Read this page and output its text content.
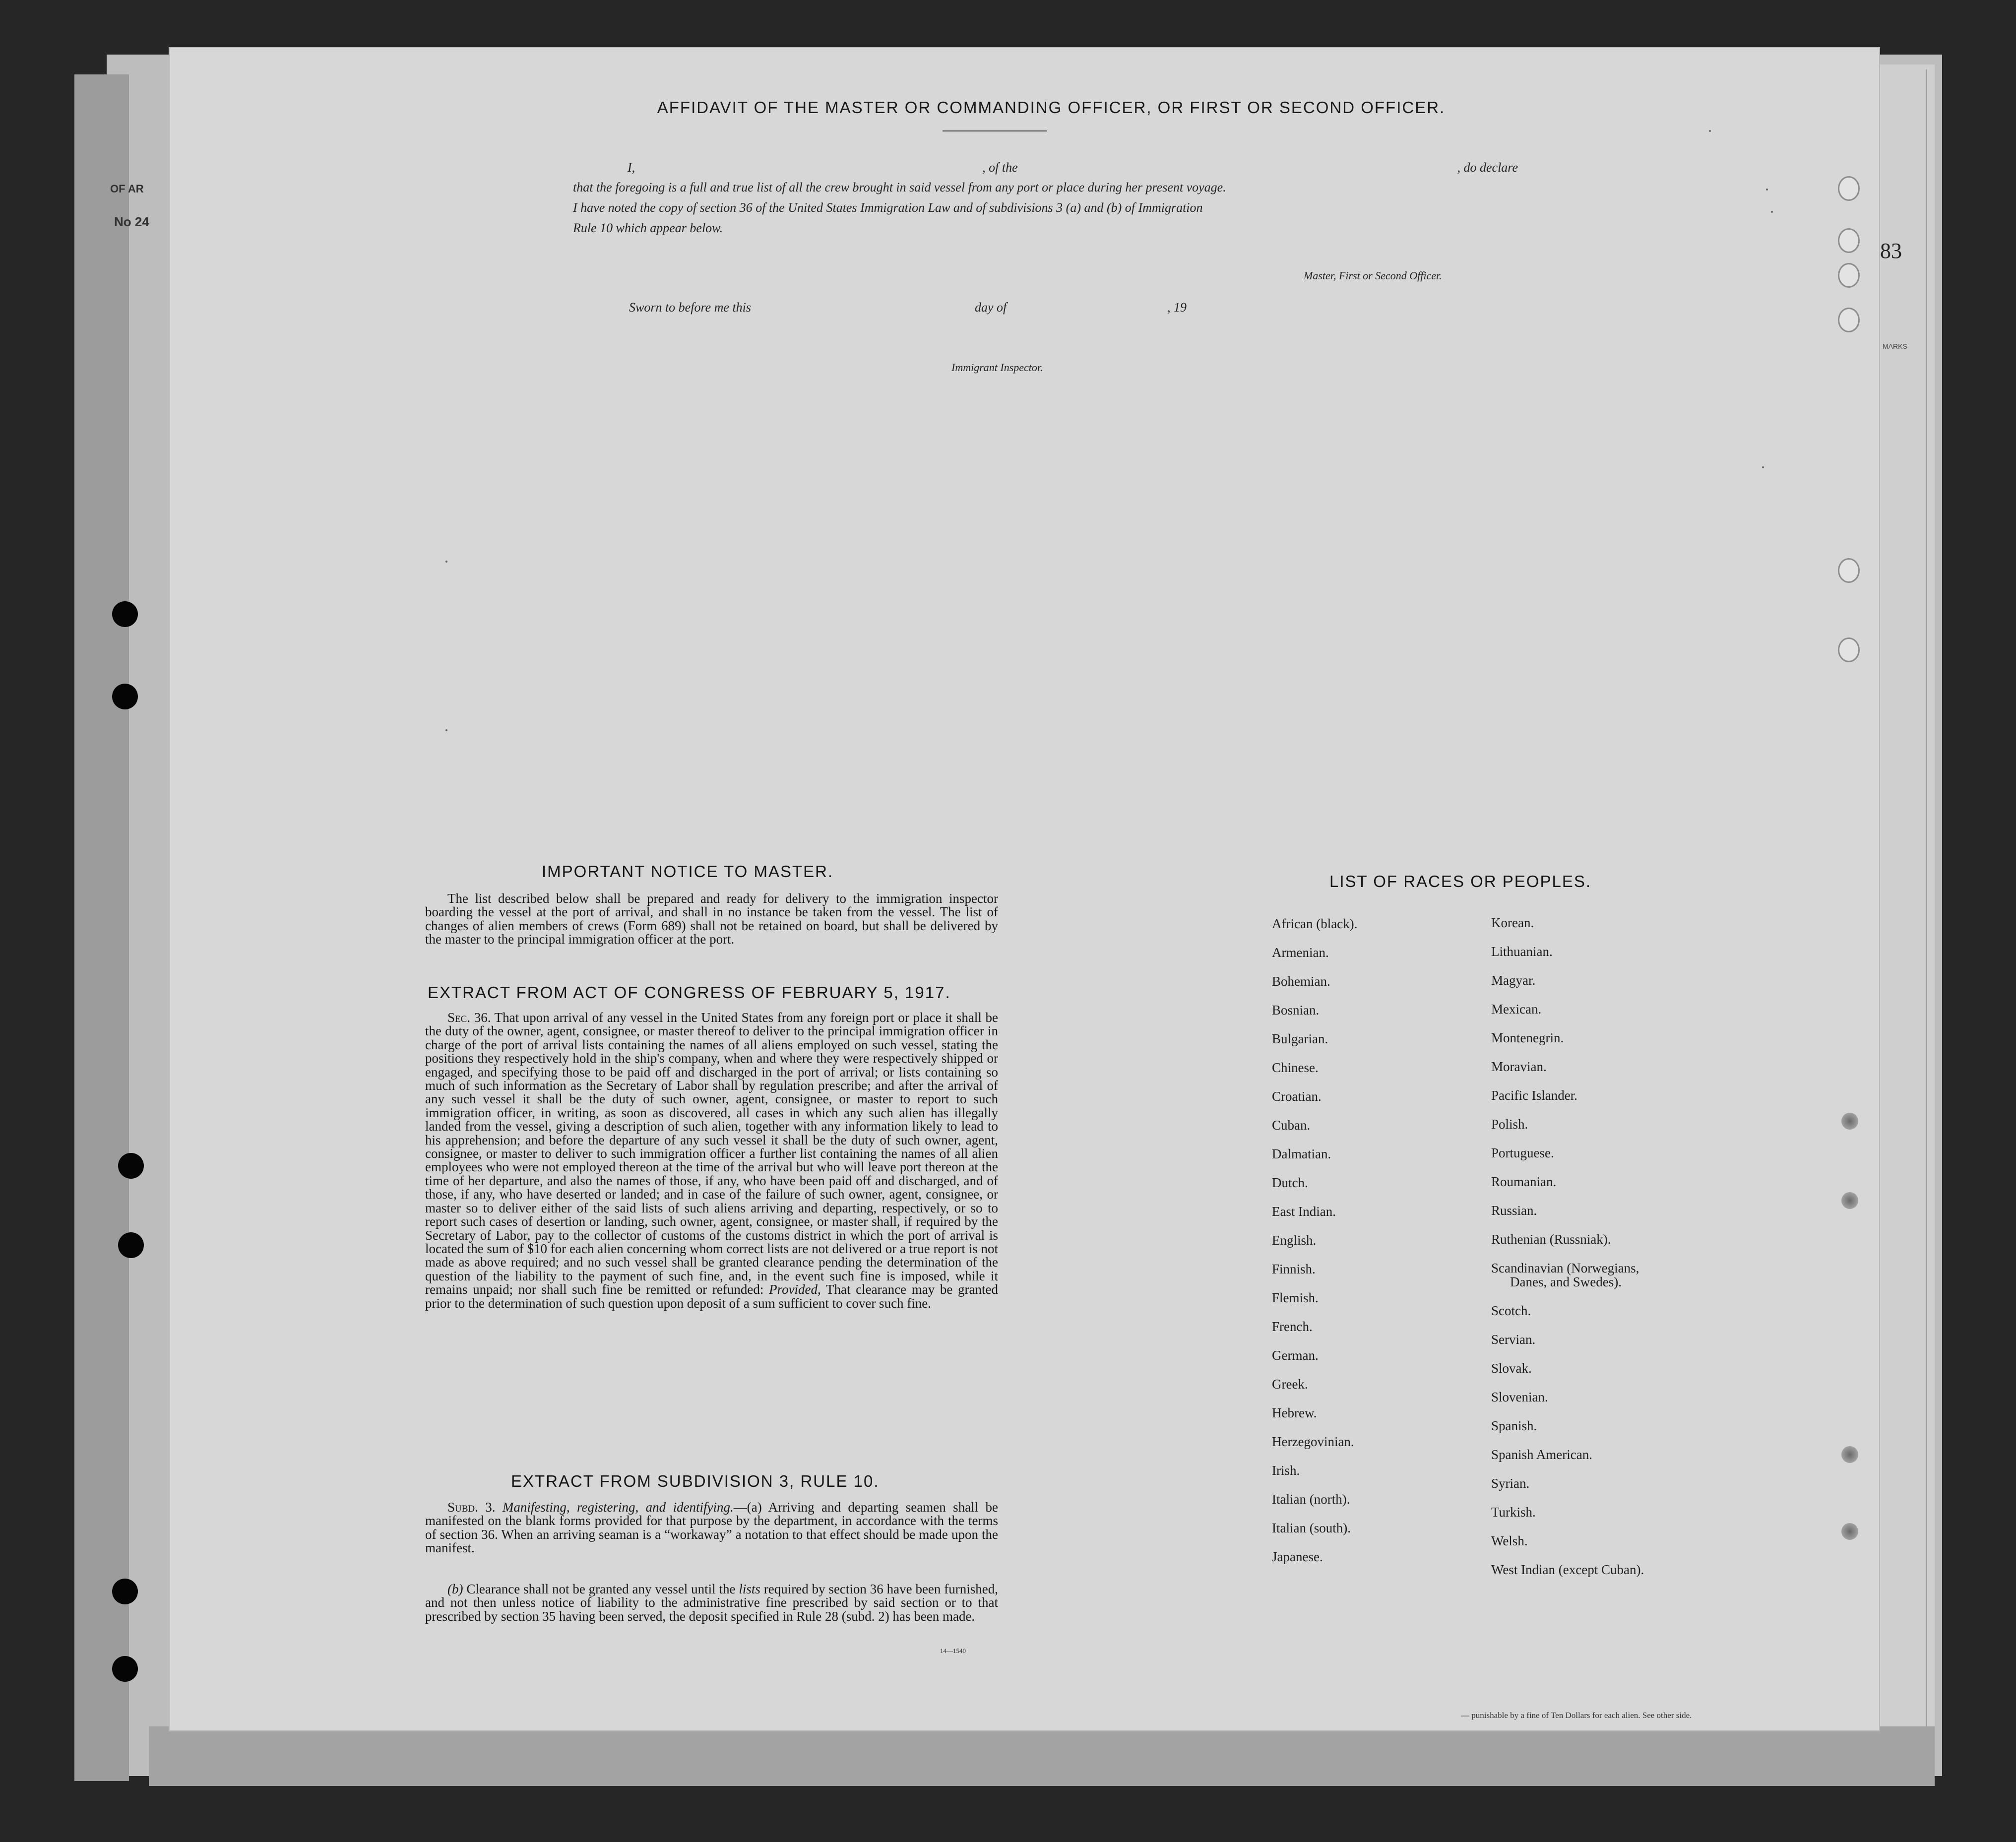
OF AR
No 24
83
MARKS
AFFIDAVIT OF THE MASTER OR COMMANDING OFFICER, OR FIRST OR SECOND OFFICER.
I,	, of the	, do declare
that the foregoing is a full and true list of all the crew brought in said vessel from any port or place during her present voyage.
I have noted the copy of section 36 of the United States Immigration Law and of subdivisions 3 (a) and (b) of Immigration
Rule 10 which appear below.
Master, First or Second Officer.
Sworn to before me this	day of	, 19
Immigrant Inspector.
IMPORTANT NOTICE TO MASTER.
The list described below shall be prepared and ready for delivery to the immigration inspector boarding the vessel at the port of arrival, and shall in no instance be taken from the vessel. The list of changes of alien members of crews (Form 689) shall not be retained on board, but shall be delivered by the master to the principal immigration officer at the port.
EXTRACT FROM ACT OF CONGRESS OF FEBRUARY 5, 1917.
Sec. 36. That upon arrival of any vessel in the United States from any foreign port or place it shall be the duty of the owner, agent, consignee, or master thereof to deliver to the principal immigration officer in charge of the port of arrival lists containing the names of all aliens employed on such vessel, stating the positions they respectively hold in the ship's company, when and where they were respectively shipped or engaged, and specifying those to be paid off and discharged in the port of arrival; or lists containing so much of such information as the Secretary of Labor shall by regulation prescribe; and after the arrival of any such vessel it shall be the duty of such owner, agent, consignee, or master to report to such immigration officer, in writing, as soon as discovered, all cases in which any such alien has illegally landed from the vessel, giving a description of such alien, together with any information likely to lead to his apprehension; and before the departure of any such vessel it shall be the duty of such owner, agent, consignee, or master to deliver to such immigration officer a further list containing the names of all alien employees who were not employed thereon at the time of the arrival but who will leave port thereon at the time of her departure, and also the names of those, if any, who have been paid off and discharged, and of those, if any, who have deserted or landed; and in case of the failure of such owner, agent, consignee, or master so to deliver either of the said lists of such aliens arriving and departing, respectively, or so to report such cases of desertion or landing, such owner, agent, consignee, or master shall, if required by the Secretary of Labor, pay to the collector of customs of the customs district in which the port of arrival is located the sum of $10 for each alien concerning whom correct lists are not delivered or a true report is not made as above required; and no such vessel shall be granted clearance pending the determination of the question of the liability to the payment of such fine, and, in the event such fine is imposed, while it remains unpaid; nor shall such fine be remitted or refunded: Provided, That clearance may be granted prior to the determination of such question upon deposit of a sum sufficient to cover such fine.
EXTRACT FROM SUBDIVISION 3, RULE 10.
Subd. 3. Manifesting, registering, and identifying.—(a) Arriving and departing seamen shall be manifested on the blank forms provided for that purpose by the department, in accordance with the terms of section 36. When an arriving seaman is a “workaway” a notation to that effect should be made upon the manifest.
(b) Clearance shall not be granted any vessel until the lists required by section 36 have been furnished, and not then unless notice of liability to the administrative fine prescribed by said section or to that prescribed by section 35 having been served, the deposit specified in Rule 28 (subd. 2) has been made.
14—1540
LIST OF RACES OR PEOPLES.
African (black).
Armenian.
Bohemian.
Bosnian.
Bulgarian.
Chinese.
Croatian.
Cuban.
Dalmatian.
Dutch.
East Indian.
English.
Finnish.
Flemish.
French.
German.
Greek.
Hebrew.
Herzegovinian.
Irish.
Italian (north).
Italian (south).
Japanese.
Korean.
Lithuanian.
Magyar.
Mexican.
Montenegrin.
Moravian.
Pacific Islander.
Polish.
Portuguese.
Roumanian.
Russian.
Ruthenian (Russniak).
Scandinavian (Norwegians,
Danes, and Swedes).
Scotch.
Servian.
Slovak.
Slovenian.
Spanish.
Spanish American.
Syrian.
Turkish.
Welsh.
West Indian (except Cuban).
— punishable by a fine of Ten Dollars for each alien. See other side.
